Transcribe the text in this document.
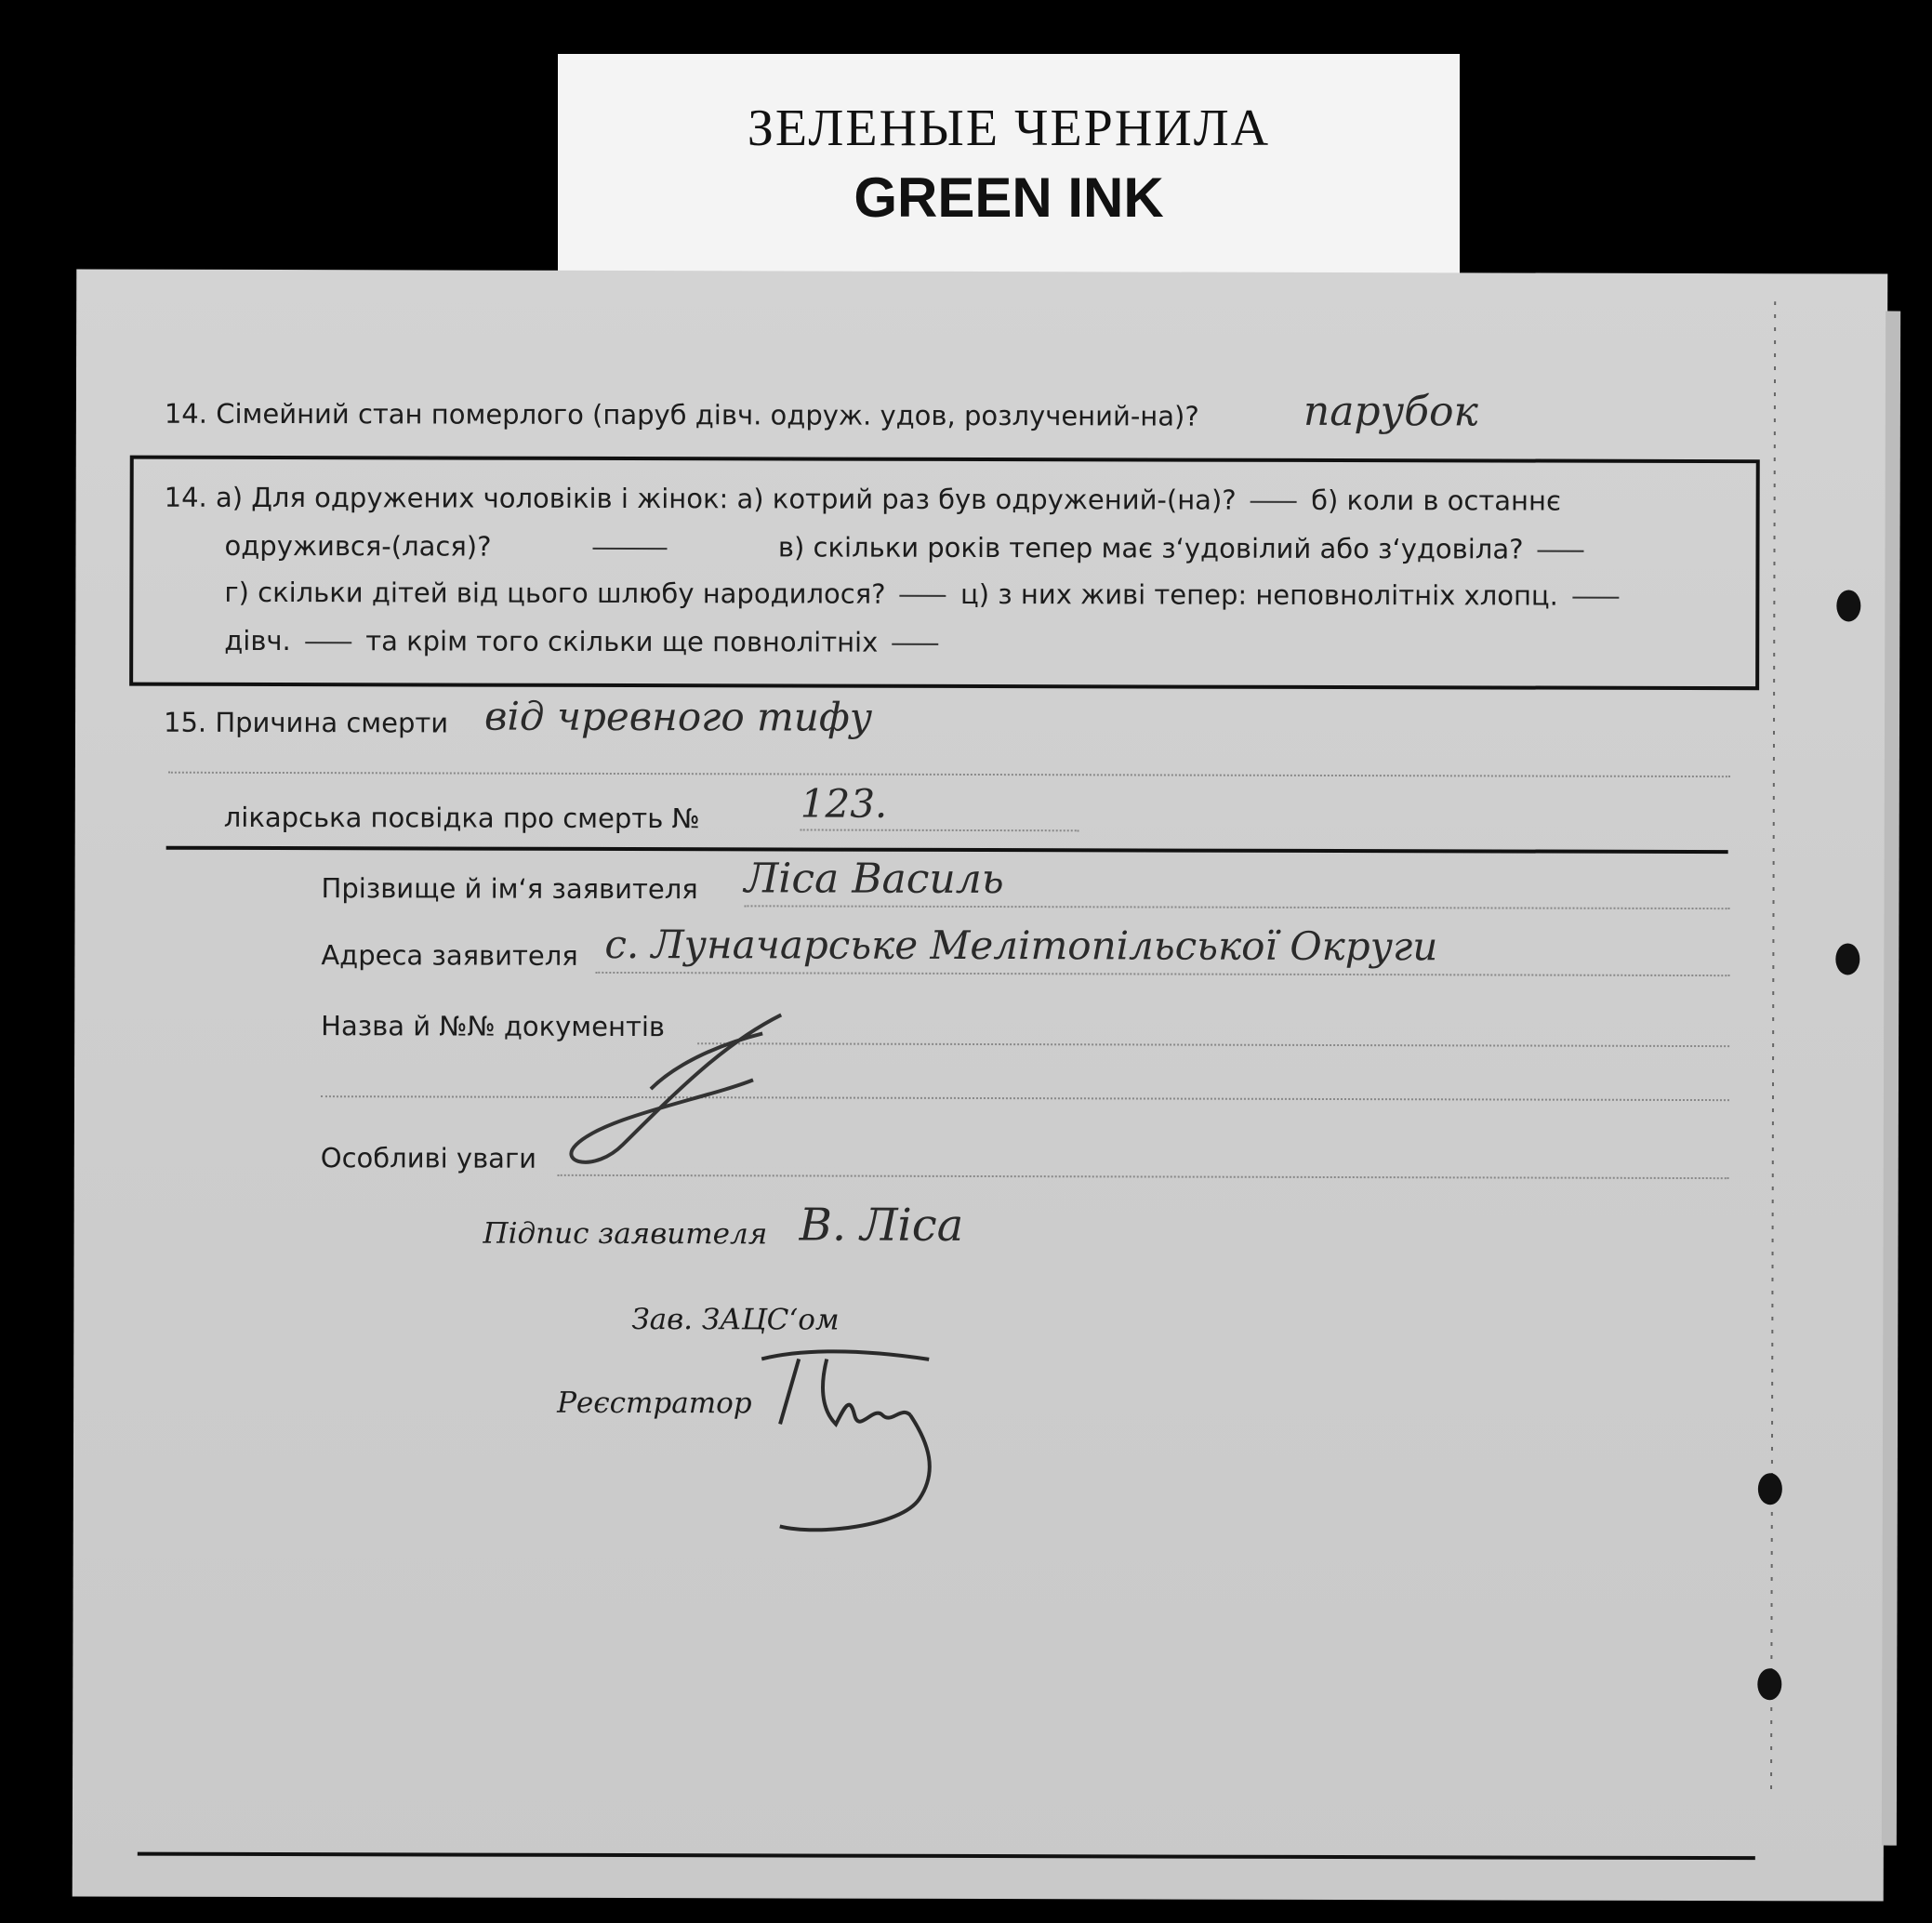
ЗЕЛЕНЫЕ ЧЕРНИЛА
GREEN INK
14. Сімейний стан померлого (паруб дівч. одруж. удов, розлучений-на)?	парубок
14. а) Для одружених чоловіків і жінок: а) котрий раз був одружений-(на)?	б) коли в останнє
одружився-(лася)?	в) скільки років тепер має з‘удовілий або з‘удовіла?
г) скільки дітей від цього шлюбу народилося?	ц) з них живі тепер: неповнолітніх хлопц.
дівч.	та крім того скільки ще повнолітніх
15. Причина смерти від чревного тифу
лікарська посвідка про смерть №	123.
Прізвище й ім‘я заявителя Ліса Василь
Адреса заявителя с. Луначарське Мелітопільської Округи
Назва й №№ документів
Особливі уваги
Підпис заявителя В. Ліса
Зав. ЗАЦС‘ом
Реєстратор
